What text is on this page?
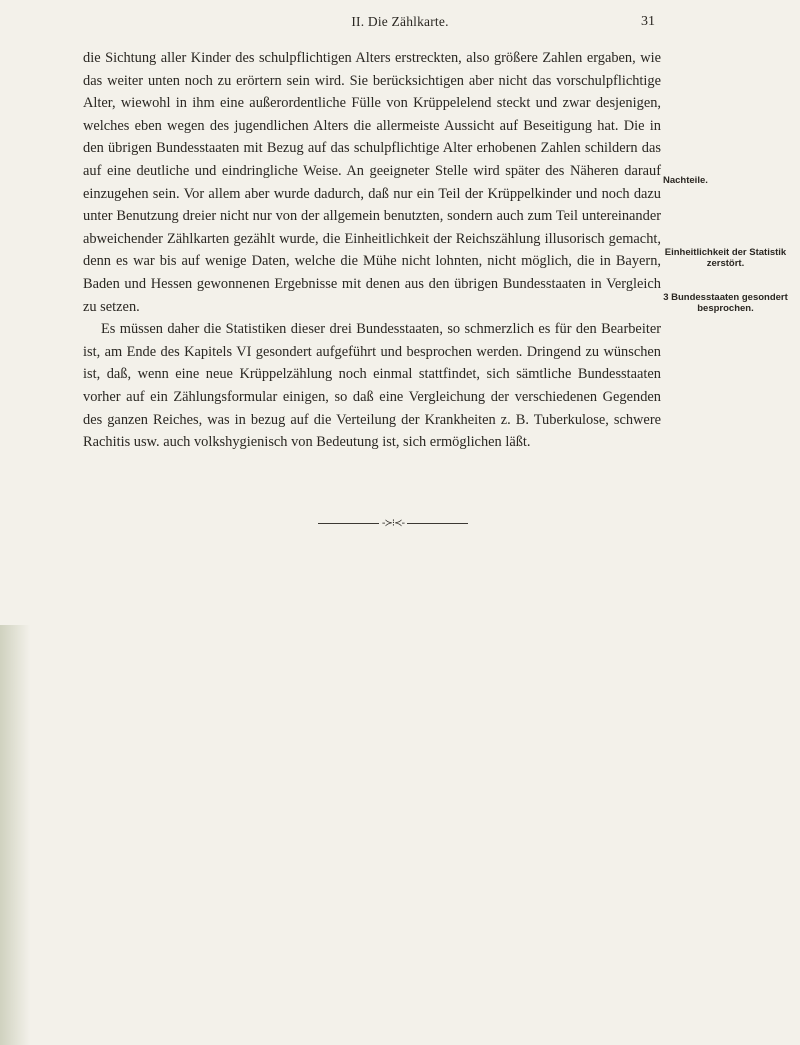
II. Die Zählkarte.	31

die Sichtung aller Kinder des schulpflichtigen Alters erstreckten, also größere Zahlen ergaben, wie das weiter unten noch zu erörtern sein wird. Sie berücksichtigen aber nicht das vorschulpflichtige Alter, wiewohl in ihm eine außerordentliche Fülle von Krüppelelend steckt und zwar desjenigen, welches eben wegen des jugendlichen Alters die allermeiste Aussicht auf Beseitigung hat. Die in den übrigen Bundesstaaten mit Bezug auf das schulpflichtige Alter erhobenen Zahlen schildern das auf eine deutliche und eindringliche Weise. An geeigneter Stelle wird später des Näheren darauf einzugehen sein. Vor allem aber wurde dadurch, daß nur ein Teil der Krüppelkinder und noch dazu unter Benutzung dreier nicht nur von der allgemein benutzten, sondern auch zum Teil untereinander abweichender Zählkarten gezählt wurde, die Einheitlichkeit der Reichszählung illusorisch gemacht, denn es war bis auf wenige Daten, welche die Mühe nicht lohnten, nicht möglich, die in Bayern, Baden und Hessen gewonnenen Ergebnisse mit denen aus den übrigen Bundesstaaten in Vergleich zu setzen.

Es müssen daher die Statistiken dieser drei Bundesstaaten, so schmerzlich es für den Bearbeiter ist, am Ende des Kapitels VI gesondert aufgeführt und besprochen werden. Dringend zu wünschen ist, daß, wenn eine neue Krüppelzählung noch einmal stattfindet, sich sämtliche Bundesstaaten vorher auf ein Zählungsformular einigen, so daß eine Vergleichung der verschiedenen Gegenden des ganzen Reiches, was in bezug auf die Verteilung der Krankheiten z. B. Tuberkulose, schwere Rachitis usw. auch volkshygienisch von Bedeutung ist, sich ermöglichen läßt.

Nachteile.
Einheitlichkeit der Statistik zerstört.
3 Bundesstaaten gesondert besprochen.
-≻⁝≺-
